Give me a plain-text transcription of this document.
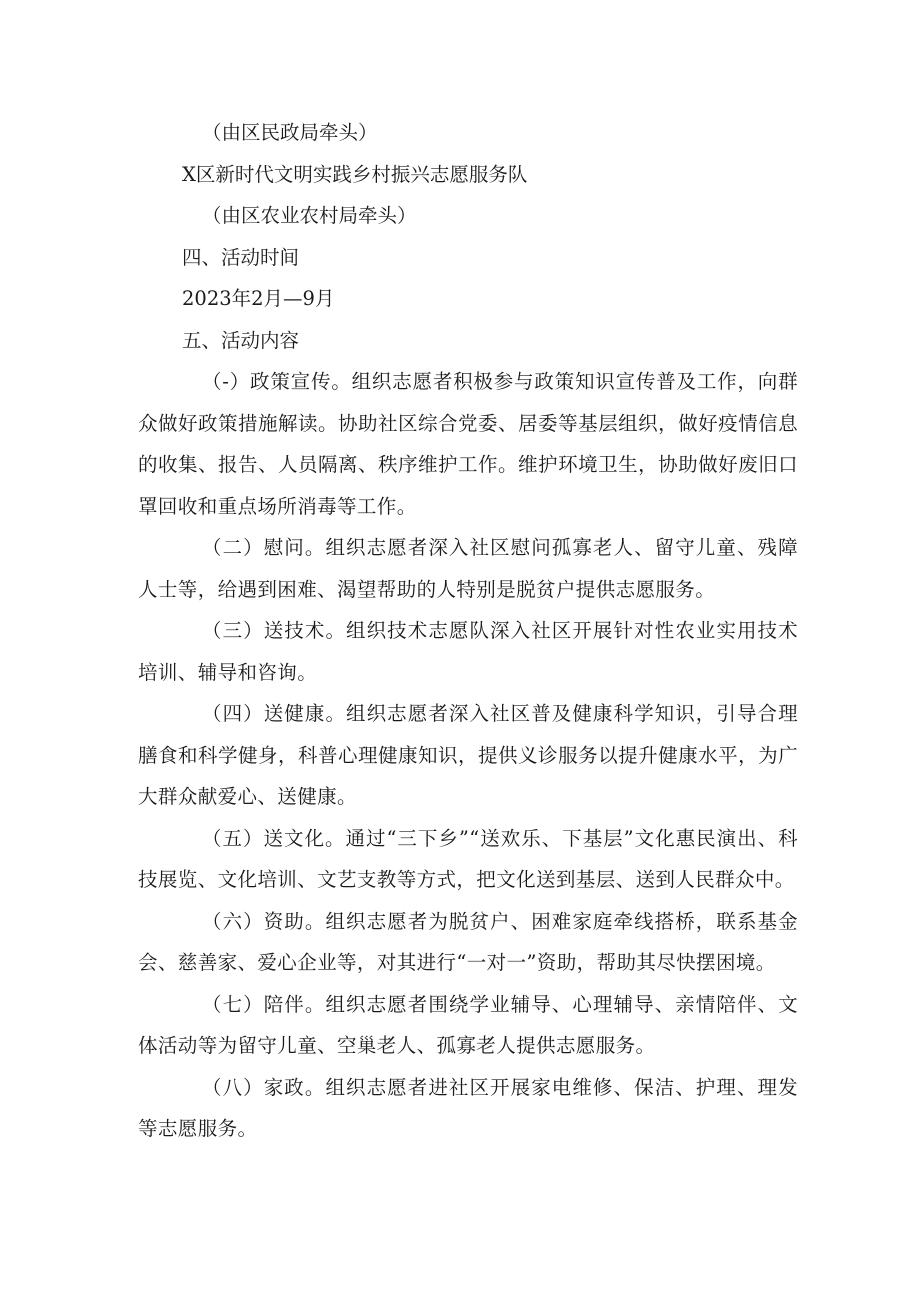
（由区民政局牵头）

X区新时代文明实践乡村振兴志愿服务队

（由区农业农村局牵头）

四、活动时间

2023年2月—9月

五、活动内容

（-）政策宣传。组织志愿者积极参与政策知识宣传普及工作，向群众做好政策措施解读。协助社区综合党委、居委等基层组织，做好疫情信息的收集、报告、人员隔离、秩序维护工作。维护环境卫生，协助做好废旧口罩回收和重点场所消毒等工作。

（二）慰问。组织志愿者深入社区慰问孤寡老人、留守儿童、残障人士等，给遇到困难、渴望帮助的人特别是脱贫户提供志愿服务。

（三）送技术。组织技术志愿队深入社区开展针对性农业实用技术培训、辅导和咨询。

（四）送健康。组织志愿者深入社区普及健康科学知识，引导合理膳食和科学健身，科普心理健康知识，提供义诊服务以提升健康水平，为广大群众献爱心、送健康。

（五）送文化。通过“三下乡”“送欢乐、下基层”文化惠民演出、科技展览、文化培训、文艺支教等方式，把文化送到基层、送到人民群众中。

（六）资助。组织志愿者为脱贫户、困难家庭牵线搭桥，联系基金会、慈善家、爱心企业等，对其进行“一对一”资助，帮助其尽快摆困境。

（七）陪伴。组织志愿者围绕学业辅导、心理辅导、亲情陪伴、文体活动等为留守儿童、空巢老人、孤寡老人提供志愿服务。

（八）家政。组织志愿者进社区开展家电维修、保洁、护理、理发等志愿服务。
